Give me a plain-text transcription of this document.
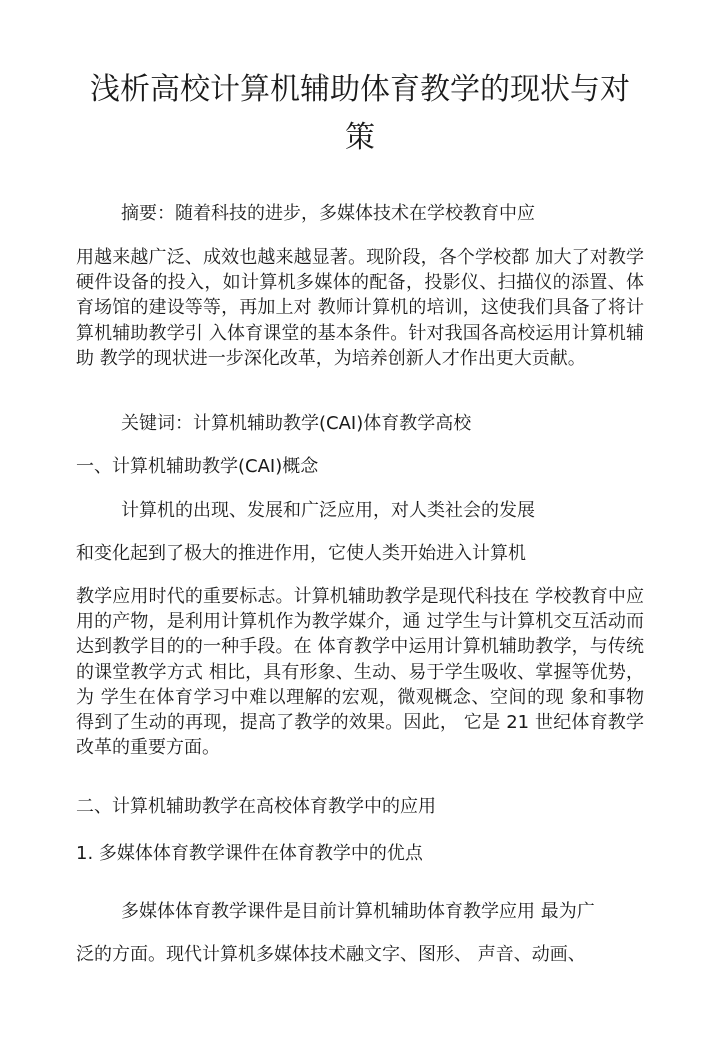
浅析高校计算机辅助体育教学的现状与对策

摘要：随着科技的进步，多媒体技术在学校教育中应

用越来越广泛、成效也越来越显著。现阶段，各个学校都 加大了对教学硬件设备的投入，如计算机多媒体的配备，投影仪、扫描仪的添置、体育场馆的建设等等，再加上对 教师计算机的培训，这使我们具备了将计算机辅助教学引 入体育课堂的基本条件。针对我国各高校运用计算机辅助 教学的现状进一步深化改革，为培养创新人才作出更大贡献。

关键词：计算机辅助教学(CAI)体育教学高校

一、计算机辅助教学(CAI)概念

计算机的出现、发展和广泛应用，对人类社会的发展

和变化起到了极大的推进作用，它使人类开始进入计算机

教学应用时代的重要标志。计算机辅助教学是现代科技在 学校教育中应用的产物，是利用计算机作为教学媒介，通 过学生与计算机交互活动而达到教学目的的一种手段。在 体育教学中运用计算机辅助教学，与传统的课堂教学方式 相比，具有形象、生动、易于学生吸收、掌握等优势，为 学生在体育学习中难以理解的宏观，微观概念、空间的现 象和事物得到了生动的再现，提高了教学的效果。因此， 它是 21 世纪体育教学改革的重要方面。

二、计算机辅助教学在高校体育教学中的应用

1. 多媒体体育教学课件在体育教学中的优点

多媒体体育教学课件是目前计算机辅助体育教学应用 最为广

泛的方面。现代计算机多媒体技术融文字、图形、 声音、动画、
